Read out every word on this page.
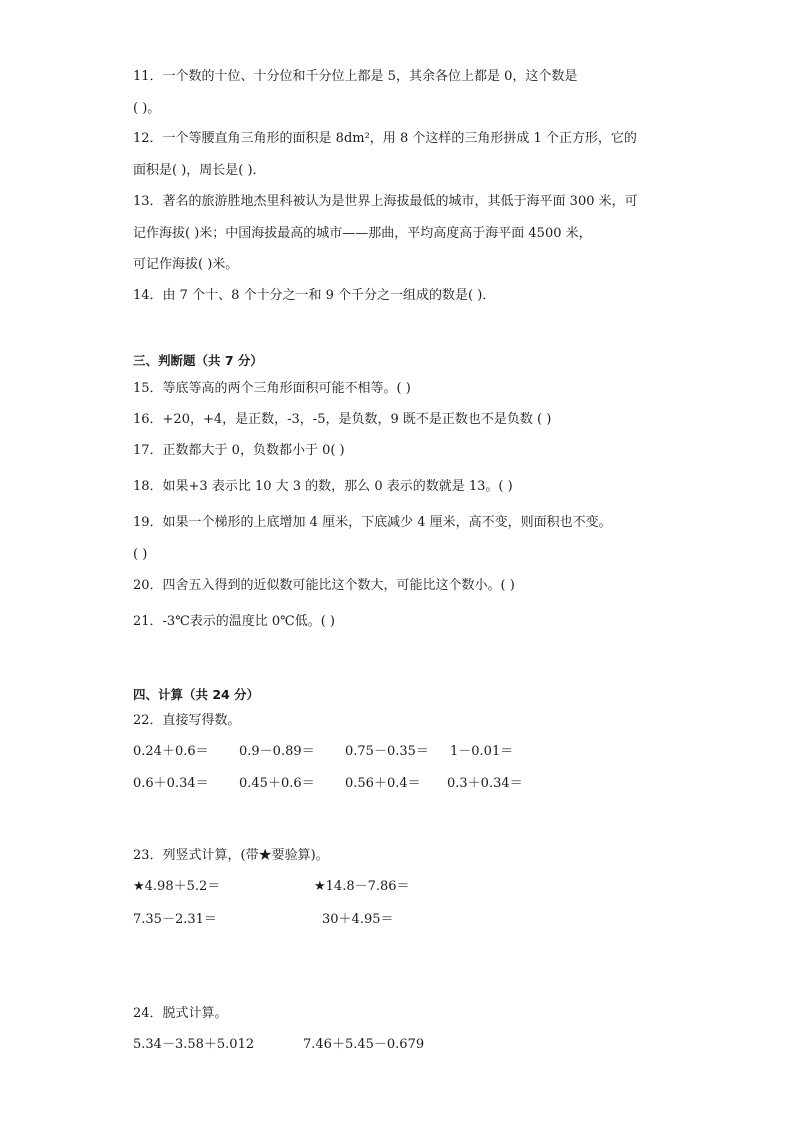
11．一个数的十位、十分位和千分位上都是 5，其余各位上都是 0，这个数是
( )。
12．一个等腰直角三角形的面积是 8dm²，用 8 个这样的三角形拼成 1 个正方形，它的
面积是( )，周长是( )．
13．著名的旅游胜地杰里科被认为是世界上海拔最低的城市，其低于海平面 300 米，可
记作海拔( )米；中国海拔最高的城市——那曲，平均高度高于海平面 4500 米，
可记作海拔( )米。
14．由 7 个十、8 个十分之一和 9 个千分之一组成的数是( )．
三、判断题（共 7 分）
15．等底等高的两个三角形面积可能不相等。( )
16．+20，+4，是正数，-3，-5，是负数，9 既不是正数也不是负数 ( )
17．正数都大于 0，负数都小于 0( )
18．如果+3 表示比 10 大 3 的数，那么 0 表示的数就是 13。( )
19．如果一个梯形的上底增加 4 厘米，下底减少 4 厘米，高不变，则面积也不变。
( )
20．四舍五入得到的近似数可能比这个数大，可能比这个数小。( )
21．-3℃表示的温度比 0℃低。( )
四、计算（共 24 分）
22．直接写得数。
0.24＋0.6＝ 0.9－0.89＝ 0.75－0.35＝ 1－0.01＝
0.6＋0.34＝ 0.45＋0.6＝ 0.56＋0.4＝ 0.3＋0.34＝
23．列竖式计算，(带★要验算)。
★4.98＋5.2＝	★14.8－7.86＝
7.35－2.31＝	30＋4.95＝
24．脱式计算。
5.34－3.58＋5.012	7.46＋5.45－0.679
